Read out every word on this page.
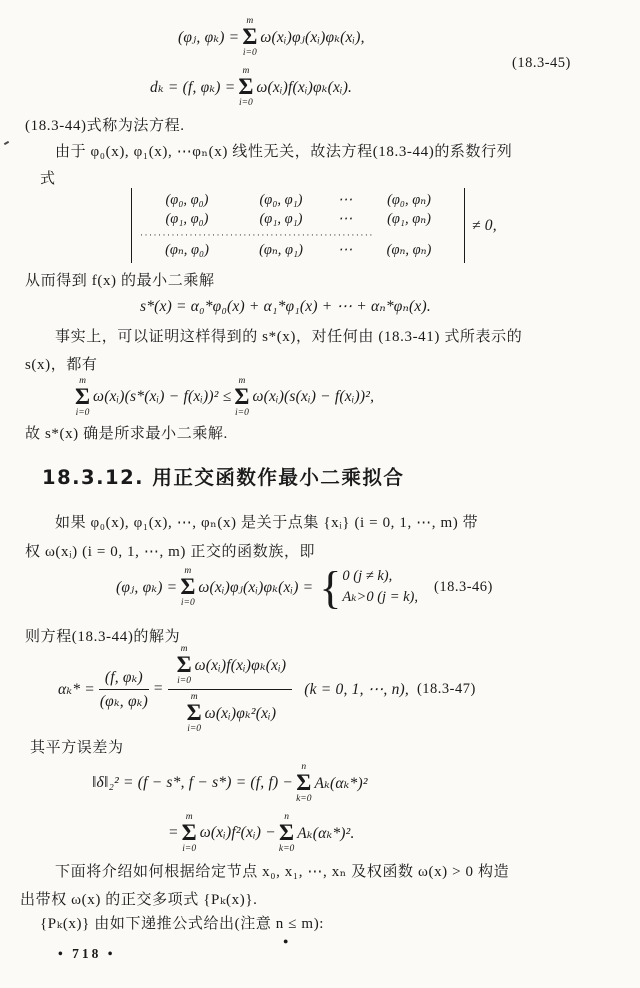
(φⱼ, φₖ) =
m
Σ
i=0
ω(xᵢ)φⱼ(xᵢ)φₖ(xᵢ),
(18.3-45)
dₖ = (f, φₖ) =
m
Σ
i=0
ω(xᵢ)f(xᵢ)φₖ(xᵢ).
(18.3-44)式称为法方程.
由于 φ₀(x), φ₁(x), ⋯φₙ(x) 线性无关，故法方程(18.3-44)的系数行列
式
(φ₀, φ₀)	(φ₀, φ₁)	⋯	(φ₀, φₙ)
(φ₁, φ₀)	(φ₁, φ₁)	⋯	(φ₁, φₙ)
····················································
(φₙ, φ₀)	(φₙ, φ₁)	⋯	(φₙ, φₙ)
≠ 0,
从而得到 f(x) 的最小二乘解
s*(x) = α₀*φ₀(x) + α₁*φ₁(x) + ⋯ + αₙ*φₙ(x).
事实上，可以证明这样得到的 s*(x)，对任何由 (18.3-41) 式所表示的
s(x)，都有
m
Σ
i=0
ω(xᵢ)(s*(xᵢ) − f(xᵢ))² ≤
m
Σ
i=0
ω(xᵢ)(s(xᵢ) − f(xᵢ))²,
故 s*(x) 确是所求最小二乘解.
18.3.12. 用正交函数作最小二乘拟合
如果 φ₀(x), φ₁(x), ⋯, φₙ(x) 是关于点集 {xᵢ} (i = 0, 1, ⋯, m) 带
权 ω(xᵢ) (i = 0, 1, ⋯, m) 正交的函数族，即
(φⱼ, φₖ) =
m
Σ
i=0
ω(xᵢ)φⱼ(xᵢ)φₖ(xᵢ) = { 0 (j ≠ k),
Aₖ>0 (j = k),
(18.3-46)
则方程(18.3-44)的解为
$\alpha_k* = \frac{\text{(f, φₖ)}}{\text{(φₖ, φₖ)}}$ =
m
Σ
i=0
ω(xᵢ)f(xᵢ)φₖ(xᵢ)
m
Σ
i=0
ω(xᵢ)φₖ²(xᵢ)
(k = 0, 1, ⋯, n), (18.3-47)
其平方误差为
‖δ‖₂² = (f − s*, f − s*) = (f, f) −
n
Σ
k=0
Aₖ(αₖ*)²
=
m
Σ
i=0
ω(xᵢ)f²(xᵢ) −
n
Σ
k=0
Aₖ(αₖ*)².
下面将介绍如何根据给定节点 x₀, x₁, ⋯, xₙ 及权函数 ω(x) > 0 构造
出带权 ω(x) 的正交多项式 {Pₖ(x)}.
{Pₖ(x)} 由如下递推公式给出(注意 n ≤ m):
●
• 718 •
